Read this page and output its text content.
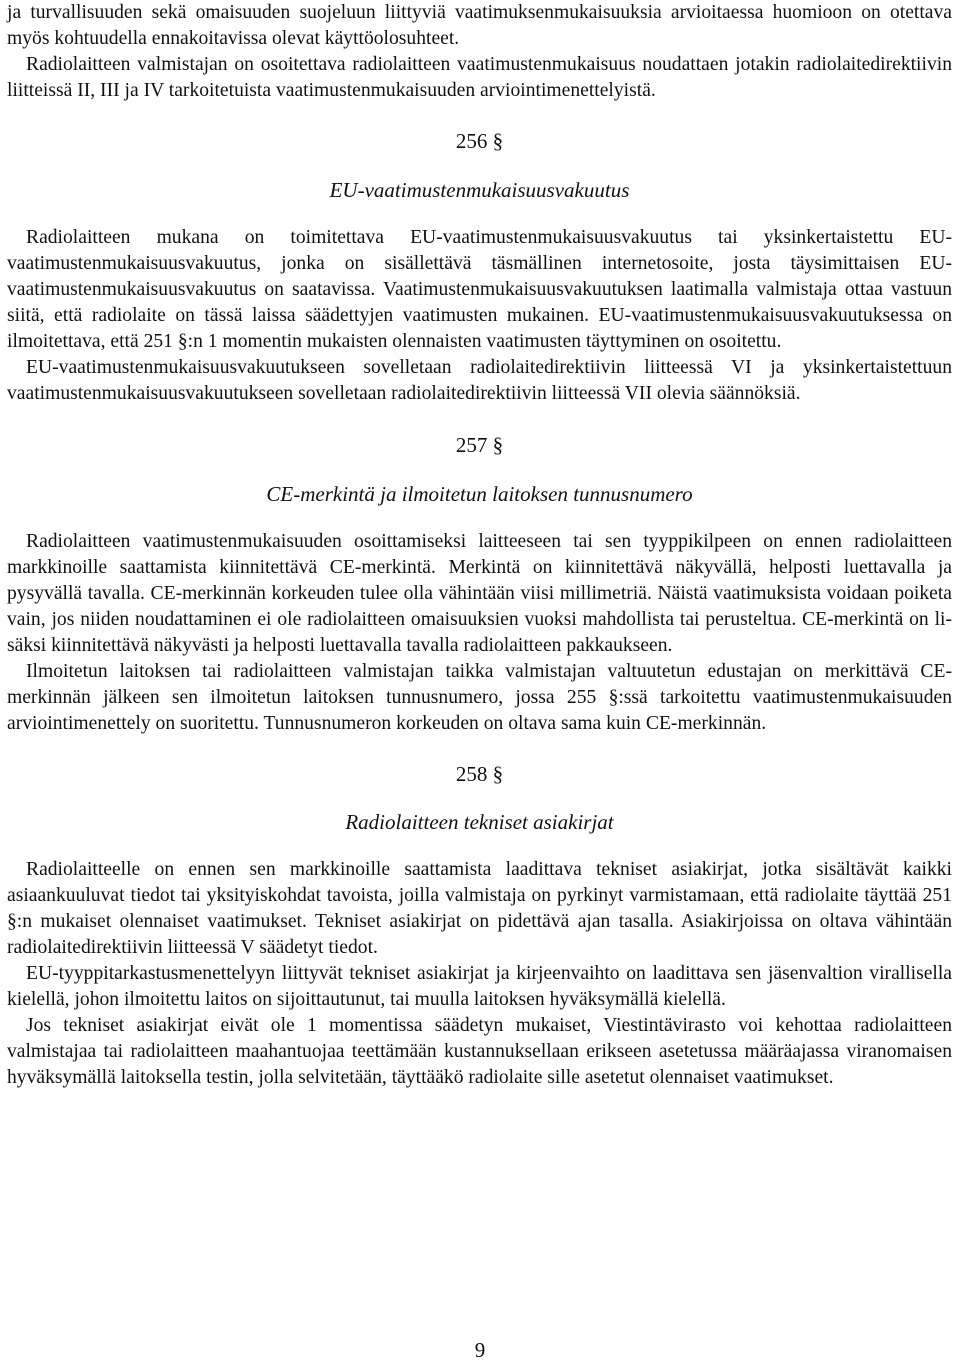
ja turvallisuuden sekä omaisuuden suojeluun liittyviä vaatimuksenmukaisuuksia arvioitaessa huomioon on otettava myös kohtuudella ennakoitavissa olevat käyttöolosuhteet.

Radiolaitteen valmistajan on osoitettava radiolaitteen vaatimustenmukaisuus noudattaen jotakin radiolaitedirektiivin liitteissä II, III ja IV tarkoitetuista vaatimustenmukaisuuden arviointimenettelyistä.

256 §
EU-vaatimustenmukaisuusvakuutus

Radiolaitteen mukana on toimitettava EU-vaatimustenmukaisuusvakuutus tai yksinkertaistettu EU-vaatimustenmukaisuusvakuutus, jonka on sisällettävä täsmällinen internetosoite, josta täysimittaisen EU-vaatimustenmukaisuusvakuutus on saatavissa. Vaatimustenmukaisuusvakuutuksen laatimalla valmistaja ottaa vastuun siitä, että radiolaite on tässä laissa säädettyjen vaatimusten mukainen. EU-vaatimustenmukaisuusvakuutuksessa on ilmoitettava, että 251 §:n 1 momentin mukaisten olennaisten vaatimusten täyttyminen on osoitettu.

EU-vaatimustenmukaisuusvakuutukseen sovelletaan radiolaitedirektiivin liitteessä VI ja yksinkertaistettuun vaatimustenmukaisuusvakuutukseen sovelletaan radiolaitedirektiivin liitteessä VII olevia säännöksiä.

257 §
CE-merkintä ja ilmoitetun laitoksen tunnusnumero

Radiolaitteen vaatimustenmukaisuuden osoittamiseksi laitteeseen tai sen tyyppikilpeen on ennen radiolaitteen markkinoille saattamista kiinnitettävä CE-merkintä. Merkintä on kiinnitettävä näkyvällä, helposti luettavalla ja pysyvällä tavalla. CE-merkinnän korkeuden tulee olla vähintään viisi millimetriä. Näistä vaatimuksista voidaan poiketa vain, jos niiden noudattaminen ei ole radiolaitteen omaisuuksien vuoksi mahdollista tai perusteltua. CE-merkintä on lisäksi kiinnitettävä näkyvästi ja helposti luettavalla tavalla radiolaitteen pakkaukseen.

Ilmoitetun laitoksen tai radiolaitteen valmistajan taikka valmistajan valtuutetun edustajan on merkittävä CE-merkinnän jälkeen sen ilmoitetun laitoksen tunnusnumero, jossa 255 §:ssä tarkoitettu vaatimustenmukaisuuden arviointimenettely on suoritettu. Tunnusnumeron korkeuden on oltava sama kuin CE-merkinnän.

258 §
Radiolaitteen tekniset asiakirjat

Radiolaitteelle on ennen sen markkinoille saattamista laadittava tekniset asiakirjat, jotka sisältävät kaikki asiaankuuluvat tiedot tai yksityiskohdat tavoista, joilla valmistaja on pyrkinyt varmistamaan, että radiolaite täyttää 251 §:n mukaiset olennaiset vaatimukset. Tekniset asiakirjat on pidettävä ajan tasalla. Asiakirjoissa on oltava vähintään radiolaitedirektiivin liitteessä V säädetyt tiedot.

EU-tyyppitarkastusmenettelyyn liittyvät tekniset asiakirjat ja kirjeenvaihto on laadittava sen jäsenvaltion virallisella kielellä, johon ilmoitettu laitos on sijoittautunut, tai muulla laitoksen hyväksymällä kielellä.

Jos tekniset asiakirjat eivät ole 1 momentissa säädetyn mukaiset, Viestintävirasto voi kehottaa radiolaitteen valmistajaa tai radiolaitteen maahantuojaa teettämään kustannuksellaan erikseen asetetussa määräajassa viranomaisen hyväksymällä laitoksella testin, jolla selvitetään, täyttääkö radiolaite sille asetetut olennaiset vaatimukset.

9
